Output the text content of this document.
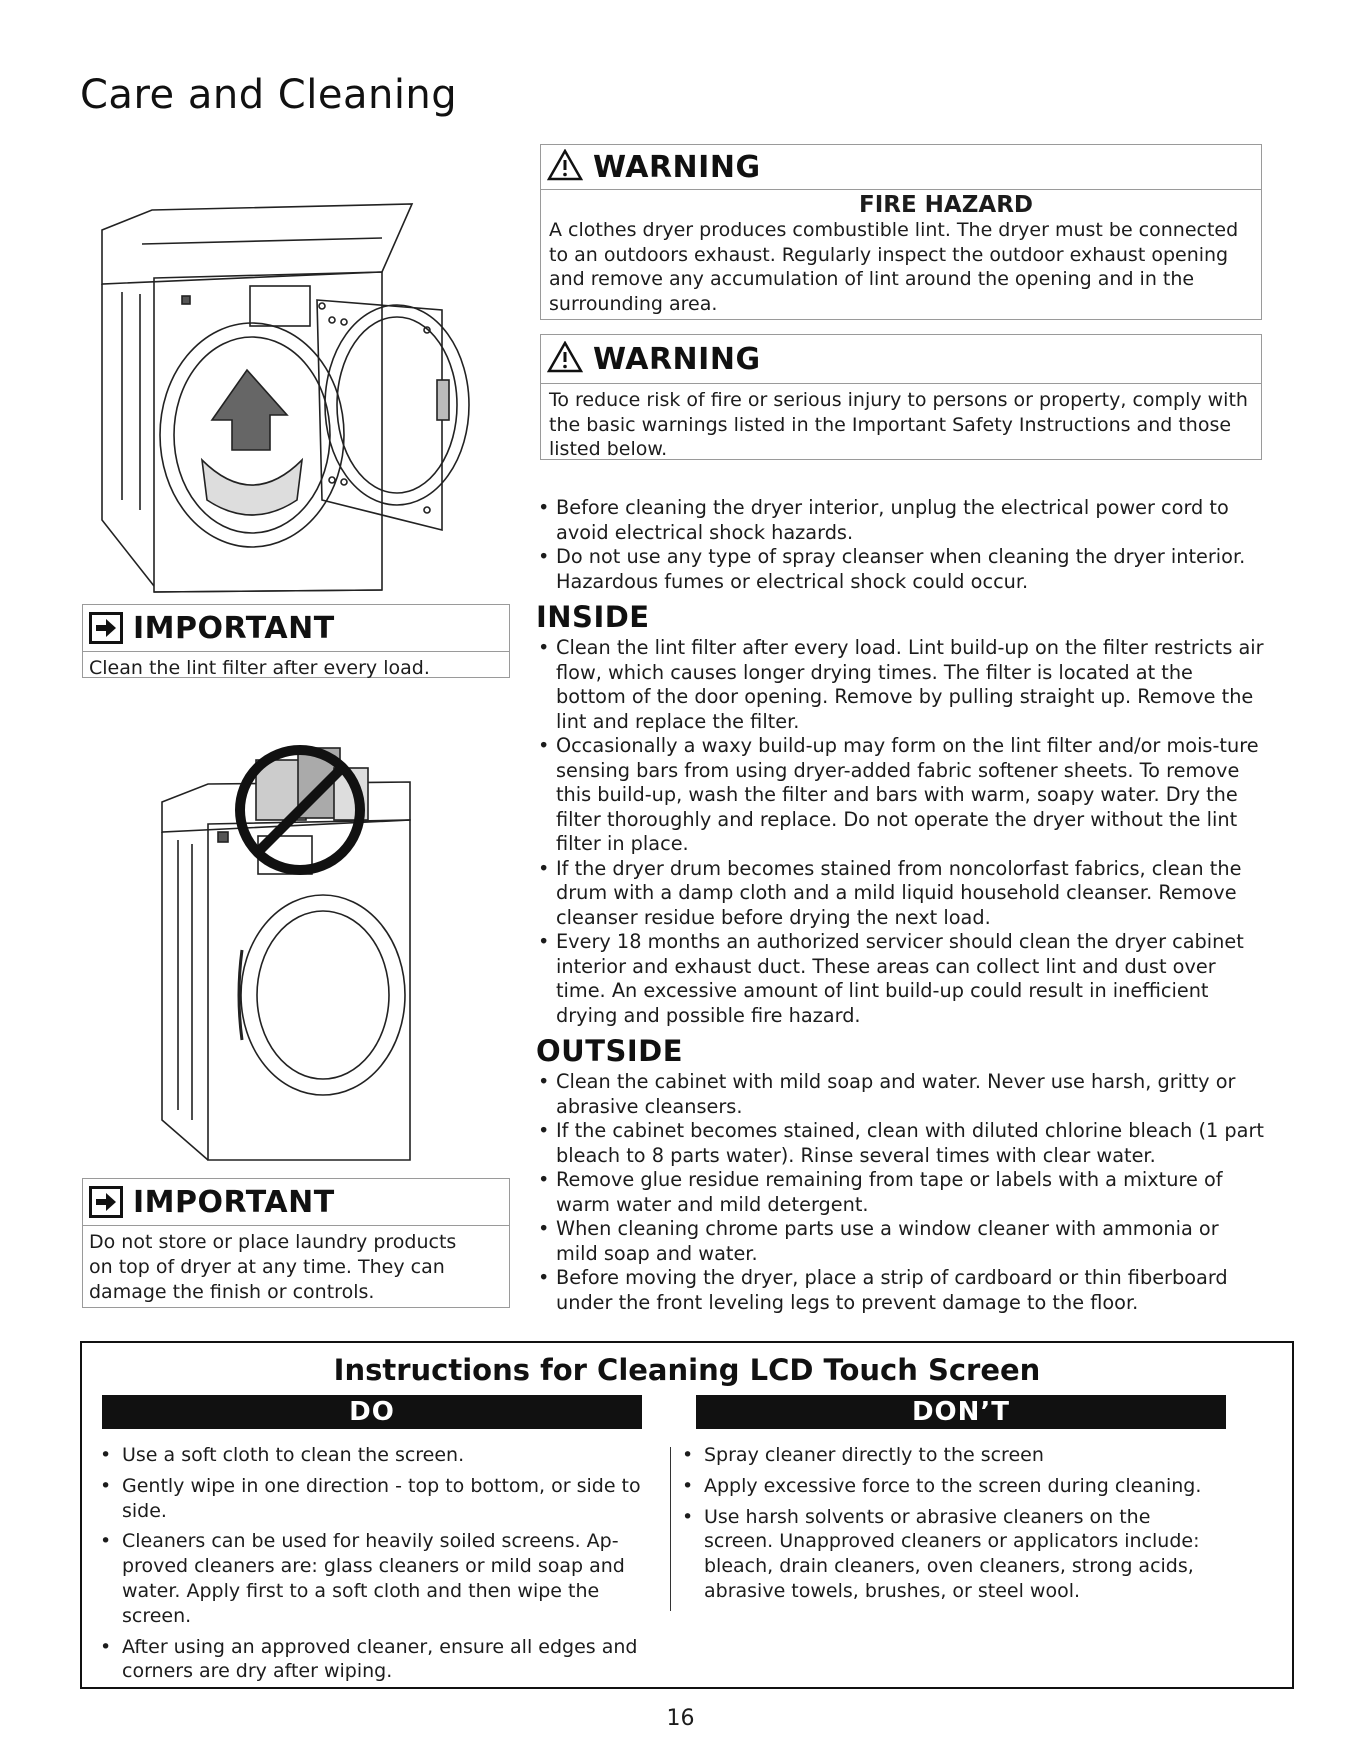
Care and Cleaning
IMPORTANT
Clean the lint filter after every load.
IMPORTANT
Do not store or place laundry products on top of dryer at any time. They can damage the finish or controls.
WARNING
FIRE HAZARD
A clothes dryer produces combustible lint. The dryer must be connected to an outdoors exhaust. Regularly inspect the outdoor exhaust opening and remove any accumulation of lint around the opening and in the surrounding area.
WARNING
To reduce risk of fire or serious injury to persons or property, comply with the basic warnings listed in the Important Safety Instructions and those listed below.
• Before cleaning the dryer interior, unplug the electrical power cord to avoid electrical shock hazards.
• Do not use any type of spray cleanser when cleaning the dryer interior. Hazardous fumes or electrical shock could occur.
INSIDE
• Clean the lint filter after every load. Lint build-up on the filter restricts air flow, which causes longer drying times. The filter is located at the bottom of the door opening. Remove by pulling straight up. Remove the lint and replace the filter.
• Occasionally a waxy build-up may form on the lint filter and/or mois-ture sensing bars from using dryer-added fabric softener sheets. To remove this build-up, wash the filter and bars with warm, soapy water. Dry the filter thoroughly and replace. Do not operate the dryer without the lint filter in place.
• If the dryer drum becomes stained from noncolorfast fabrics, clean the drum with a damp cloth and a mild liquid household cleanser. Remove cleanser residue before drying the next load.
• Every 18 months an authorized servicer should clean the dryer cabinet interior and exhaust duct. These areas can collect lint and dust over time. An excessive amount of lint build-up could result in inefficient drying and possible fire hazard.
OUTSIDE
• Clean the cabinet with mild soap and water. Never use harsh, gritty or abrasive cleansers.
• If the cabinet becomes stained, clean with diluted chlorine bleach (1 part bleach to 8 parts water). Rinse several times with clear water.
• Remove glue residue remaining from tape or labels with a mixture of warm water and mild detergent.
• When cleaning chrome parts use a window cleaner with ammonia or mild soap and water.
• Before moving the dryer, place a strip of cardboard or thin fiberboard under the front leveling legs to prevent damage to the floor.
Instructions for Cleaning LCD Touch Screen
DO	DON’T
• Use a soft cloth to clean the screen.
• Gently wipe in one direction - top to bottom, or side to side.
• Cleaners can be used for heavily soiled screens. Ap-proved cleaners are: glass cleaners or mild soap and water. Apply first to a soft cloth and then wipe the screen.
• After using an approved cleaner, ensure all edges and corners are dry after wiping.
• Spray cleaner directly to the screen
• Apply excessive force to the screen during cleaning.
• Use harsh solvents or abrasive cleaners on the screen. Unapproved cleaners or applicators include: bleach, drain cleaners, oven cleaners, strong acids, abrasive towels, brushes, or steel wool.
16
